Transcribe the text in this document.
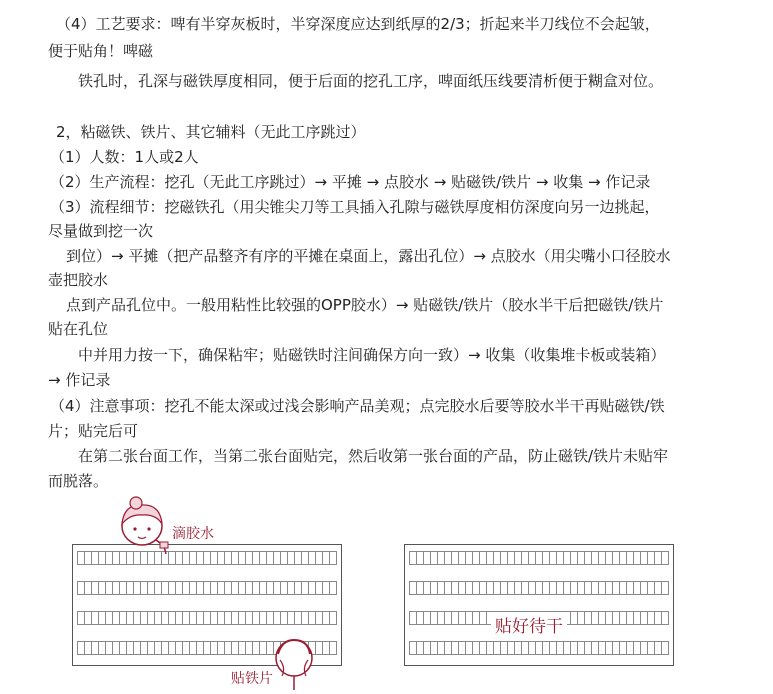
（4）工艺要求：啤有半穿灰板时，半穿深度应达到纸厚的2/3；折起来半刀线位不会起皱，
便于贴角！啤磁
铁孔时，孔深与磁铁厚度相同，便于后面的挖孔工序，啤面纸压线要清析便于糊盒对位。
2，粘磁铁、铁片、其它辅料（无此工序跳过）
（1）人数：1人或2人
（2）生产流程：挖孔（无此工序跳过）→ 平摊 → 点胶水 → 贴磁铁/铁片 → 收集 → 作记录
（3）流程细节：挖磁铁孔（用尖锥尖刀等工具插入孔隙与磁铁厚度相仿深度向另一边挑起，
尽量做到挖一次
到位）→ 平摊（把产品整齐有序的平摊在桌面上，露出孔位）→ 点胶水（用尖嘴小口径胶水
壶把胶水
点到产品孔位中。一般用粘性比较强的OPP胶水）→ 贴磁铁/铁片（胶水半干后把磁铁/铁片
贴在孔位
中并用力按一下，确保粘牢；贴磁铁时注间确保方向一致）→ 收集（收集堆卡板或装箱）
→ 作记录
（4）注意事项：挖孔不能太深或过浅会影响产品美观；点完胶水后要等胶水半干再贴磁铁/铁
片；贴完后可
在第二张台面工作，当第二张台面贴完，然后收第一张台面的产品，防止磁铁/铁片未贴牢
而脱落。
滴胶水
贴铁片
贴好待干
